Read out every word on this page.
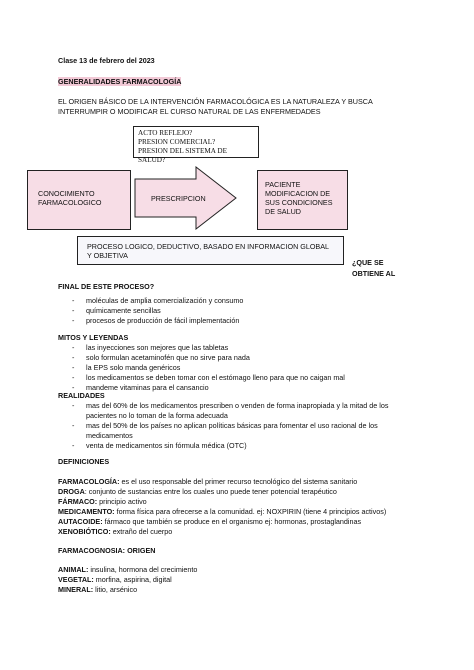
Clase 13 de febrero del 2023
GENERALIDADES FARMACOLOGÍA
EL ORIGEN BÁSICO DE LA INTERVENCIÓN FARMACOLÓGICA ES LA NATURALEZA Y BUSCA
INTERRUMPIR O MODIFICAR EL CURSO NATURAL DE LAS ENFERMEDADES
ACTO REFLEJO?
PRESION COMERCIAL?
PRESION DEL SISTEMA DE SALUD?
CONOCIMIENTO
FARMACOLOGICO	PRESCRIPCION
PACIENTE
MODIFICACION DE
SUS CONDICIONES
DE SALUD
PROCESO LOGICO, DEDUCTIVO, BASADO EN INFORMACION GLOBAL
Y OBJETIVA
¿QUE SE
OBTIENE AL
FINAL DE ESTE PROCESO?
- moléculas de amplia comercialización y consumo
- químicamente sencillas
- procesos de producción de fácil implementación
MITOS Y LEYENDAS
- las inyecciones son mejores que las tabletas
- solo formulan acetaminofén que no sirve para nada
- la EPS solo manda genéricos
- los medicamentos se deben tomar con el estómago lleno para que no caigan mal
- mandeme vitaminas para el cansancio
REALIDADES
- mas del 60% de los medicamentos prescriben o venden de forma inapropiada y la mitad de los
pacientes no lo toman de la forma adecuada
- mas del 50% de los países no aplican políticas básicas para fomentar el uso racional de los
medicamentos
- venta de medicamentos sin fórmula médica (OTC)
DEFINICIONES
FARMACOLOGÍA: es el uso responsable del primer recurso tecnológico del sistema sanitario
DROGA: conjunto de sustancias entre los cuales uno puede tener potencial terapéutico
FÁRMACO: principio activo
MEDICAMENTO: forma física para ofrecerse a la comunidad. ej: NOXPIRIN (tiene 4 principios activos)
AUTACOIDE: fármaco que también se produce en el organismo ej: hormonas, prostaglandinas
XENOBIÓTICO: extraño del cuerpo
FARMACOGNOSIA: ORIGEN
ANIMAL: insulina, hormona del crecimiento
VEGETAL: morfina, aspirina, digital
MINERAL: litio, arsénico
